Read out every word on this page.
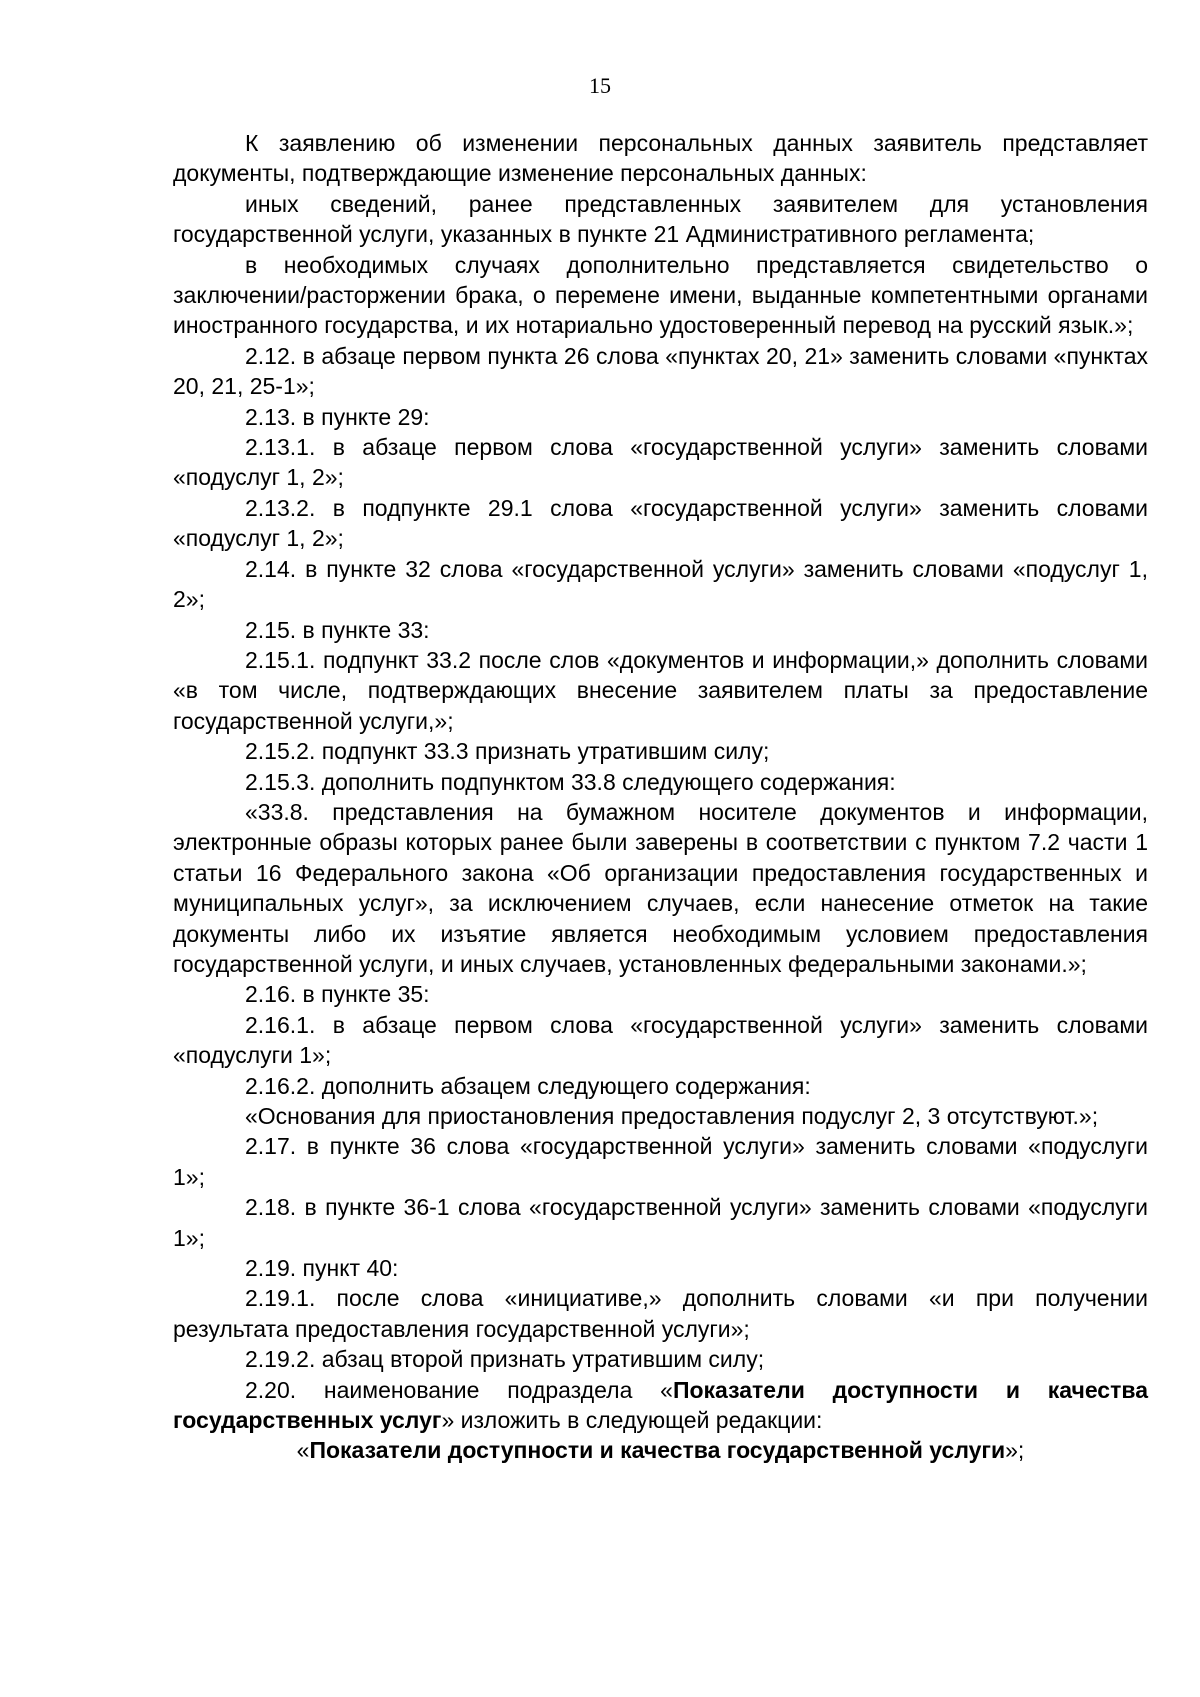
15

К заявлению об изменении персональных данных заявитель представляет документы, подтверждающие изменение персональных данных:

иных сведений, ранее представленных заявителем для установления государственной услуги, указанных в пункте 21 Административного регламента;

в необходимых случаях дополнительно представляется свидетельство о заключении/расторжении брака, о перемене имени, выданные компетентными органами иностранного государства, и их нотариально удостоверенный перевод на русский язык.»;

2.12. в абзаце первом пункта 26 слова «пунктах 20, 21» заменить словами «пунктах 20, 21, 25-1»;

2.13. в пункте 29:

2.13.1. в абзаце первом слова «государственной услуги» заменить словами «подуслуг 1, 2»;

2.13.2. в подпункте 29.1 слова «государственной услуги» заменить словами «подуслуг 1, 2»;

2.14. в пункте 32 слова «государственной услуги» заменить словами «подуслуг 1, 2»;

2.15. в пункте 33:

2.15.1. подпункт 33.2 после слов «документов и информации,» дополнить словами «в том числе, подтверждающих внесение заявителем платы за предоставление государственной услуги,»;

2.15.2. подпункт 33.3 признать утратившим силу;

2.15.3. дополнить подпунктом 33.8 следующего содержания:

«33.8. представления на бумажном носителе документов и информации, электронные образы которых ранее были заверены в соответствии с пунктом 7.2 части 1 статьи 16 Федерального закона «Об организации предоставления государственных и муниципальных услуг», за исключением случаев, если нанесение отметок на такие документы либо их изъятие является необходимым условием предоставления государственной услуги, и иных случаев, установленных федеральными законами.»;

2.16. в пункте 35:

2.16.1. в абзаце первом слова «государственной услуги» заменить словами «подуслуги 1»;

2.16.2. дополнить абзацем следующего содержания:

«Основания для приостановления предоставления подуслуг 2, 3 отсутствуют.»;

2.17. в пункте 36 слова «государственной услуги» заменить словами «подуслуги 1»;

2.18. в пункте 36-1 слова «государственной услуги» заменить словами «подуслуги 1»;

2.19. пункт 40:

2.19.1. после слова «инициативе,» дополнить словами «и при получении результата предоставления государственной услуги»;

2.19.2. абзац второй признать утратившим силу;

2.20. наименование подраздела «Показатели доступности и качества государственных услуг» изложить в следующей редакции:

«Показатели доступности и качества государственной услуги»;
